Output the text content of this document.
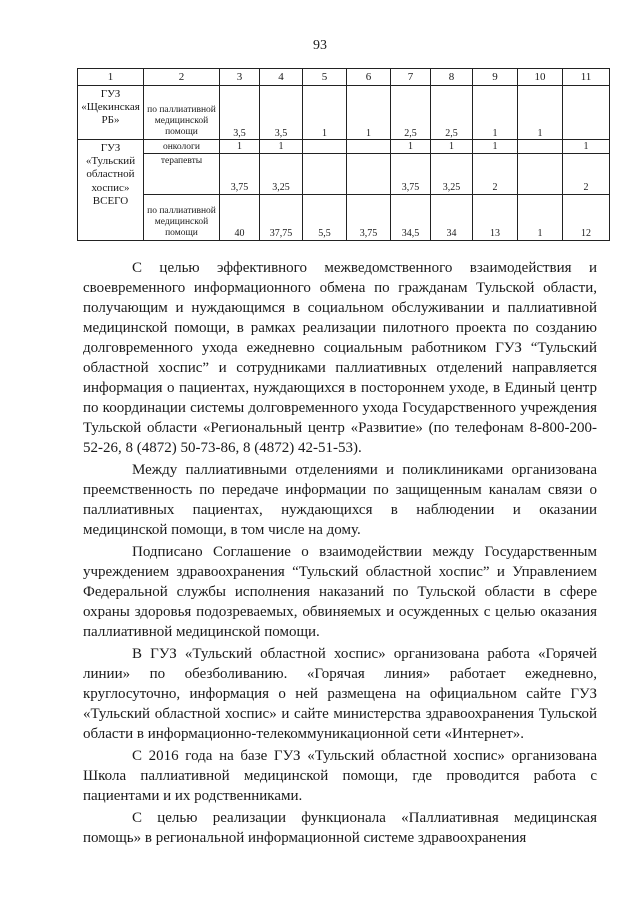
93
1	2	3	4	5	6	7	8	9	10	11
ГУЗ «Щекинская РБ»	по паллиативной медицинской помощи	3,5	3,5	1	1	2,5	2,5	1	1	
ГУЗ «Тульский областной хоспис» ВСЕГО	онкологи	1	1			1	1	1		1
	терапевты	3,75	3,25			3,75	3,25	2		2
	по паллиативной медицинской помощи	40	37,75	5,5	3,75	34,5	34	13	1	12

С целью эффективного межведомственного взаимодействия и своевременного информационного обмена по гражданам Тульской области, получающим и нуждающимся в социальном обслуживании и паллиативной медицинской помощи, в рамках реализации пилотного проекта по созданию долговременного ухода ежедневно социальным работником ГУЗ “Тульский областной хоспис” и сотрудниками паллиативных отделений направляется информация о пациентах, нуждающихся в постороннем уходе, в Единый центр по координации системы долговременного ухода Государственного учреждения Тульской области «Региональный центр «Развитие» (по телефонам 8-800-200-52-26, 8 (4872) 50-73-86, 8 (4872) 42-51-53).

Между паллиативными отделениями и поликлиниками организована преемственность по передаче информации по защищенным каналам связи о паллиативных пациентах, нуждающихся в наблюдении и оказании медицинской помощи, в том числе на дому.

Подписано Соглашение о взаимодействии между Государственным учреждением здравоохранения “Тульский областной хоспис” и Управлением Федеральной службы исполнения наказаний по Тульской области в сфере охраны здоровья подозреваемых, обвиняемых и осужденных с целью оказания паллиативной медицинской помощи.

В ГУЗ «Тульский областной хоспис» организована работа «Горячей линии» по обезболиванию. «Горячая линия» работает ежедневно, круглосуточно, информация о ней размещена на официальном сайте ГУЗ «Тульский областной хоспис» и сайте министерства здравоохранения Тульской области в информационно-телекоммуникационной сети «Интернет».

С 2016 года на базе ГУЗ «Тульский областной хоспис» организована Школа паллиативной медицинской помощи, где проводится работа с пациентами и их родственниками.

С целью реализации функционала «Паллиативная медицинская помощь» в региональной информационной системе здравоохранения
